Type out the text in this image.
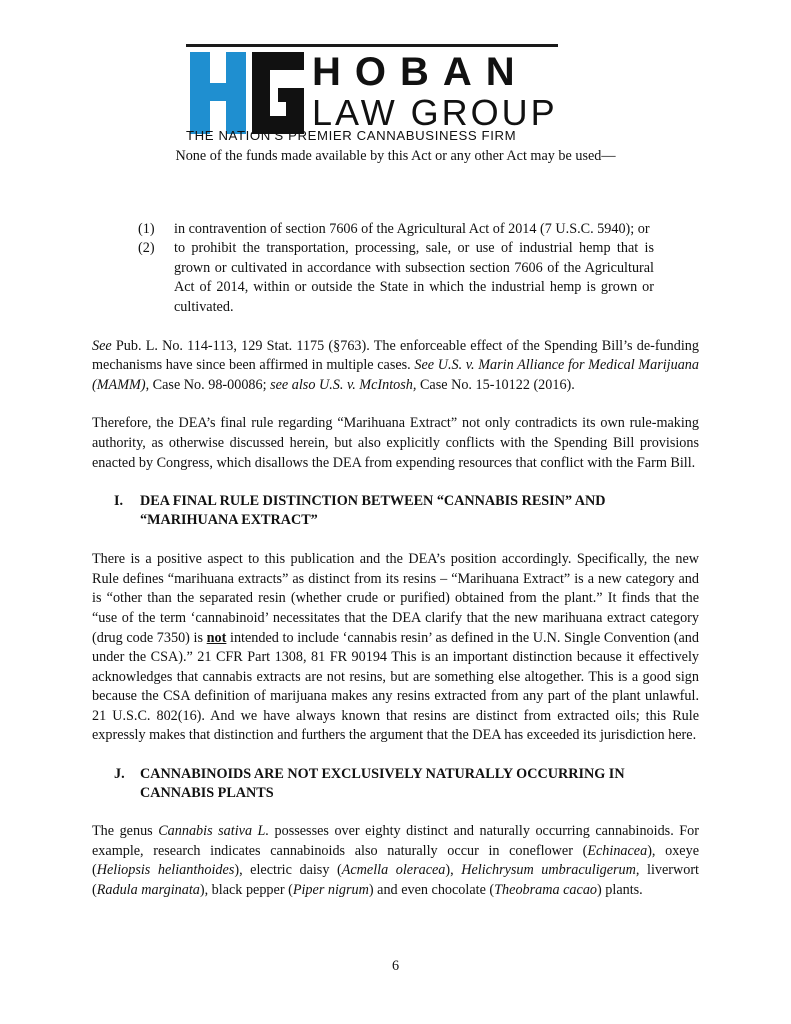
HOBAN
LAW GROUP
THE NATION’S PREMIER CANNABUSINESS FIRM

None of the funds made available by this Act or any other Act may be used—

(1) in contravention of section 7606 of the Agricultural Act of 2014 (7 U.S.C. 5940); or
(2) to prohibit the transportation, processing, sale, or use of industrial hemp that is grown or cultivated in accordance with subsection section 7606 of the Agricultural Act of 2014, within or outside the State in which the industrial hemp is grown or cultivated.

See Pub. L. No. 114-113, 129 Stat. 1175 (§763). The enforceable effect of the Spending Bill’s de-funding mechanisms have since been affirmed in multiple cases. See U.S. v. Marin Alliance for Medical Marijuana (MAMM), Case No. 98-00086; see also U.S. v. McIntosh, Case No. 15-10122 (2016).

Therefore, the DEA’s final rule regarding “Marihuana Extract” not only contradicts its own rule-making authority, as otherwise discussed herein, but also explicitly conflicts with the Spending Bill provisions enacted by Congress, which disallows the DEA from expending resources that conflict with the Farm Bill.

I. DEA FINAL RULE DISTINCTION BETWEEN “CANNABIS RESIN” AND “MARIHUANA EXTRACT”

There is a positive aspect to this publication and the DEA’s position accordingly. Specifically, the new Rule defines “marihuana extracts” as distinct from its resins – “Marihuana Extract” is a new category and is “other than the separated resin (whether crude or purified) obtained from the plant.” It finds that the “use of the term ‘cannabinoid’ necessitates that the DEA clarify that the new marihuana extract category (drug code 7350) is not intended to include ‘cannabis resin’ as defined in the U.N. Single Convention (and under the CSA).” 21 CFR Part 1308, 81 FR 90194 This is an important distinction because it effectively acknowledges that cannabis extracts are not resins, but are something else altogether. This is a good sign because the CSA definition of marijuana makes any resins extracted from any part of the plant unlawful. 21 U.S.C. 802(16). And we have always known that resins are distinct from extracted oils; this Rule expressly makes that distinction and furthers the argument that the DEA has exceeded its jurisdiction here.

J. CANNABINOIDS ARE NOT EXCLUSIVELY NATURALLY OCCURRING IN CANNABIS PLANTS

The genus Cannabis sativa L. possesses over eighty distinct and naturally occurring cannabinoids. For example, research indicates cannabinoids also naturally occur in coneflower (Echinacea), oxeye (Heliopsis helianthoides), electric daisy (Acmella oleracea), Helichrysum umbraculigerum, liverwort (Radula marginata), black pepper (Piper nigrum) and even chocolate (Theobrama cacao) plants.

6
